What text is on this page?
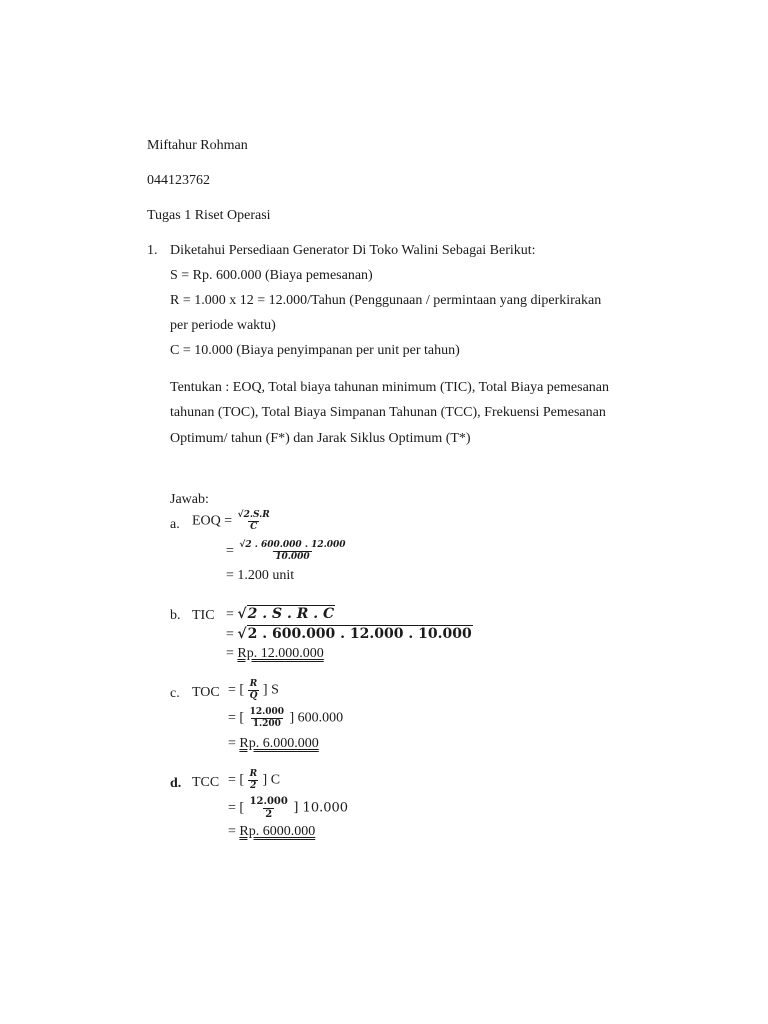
Miftahur Rohman
044123762
Tugas 1 Riset Operasi
1. Diketahui Persediaan Generator Di Toko Walini Sebagai Berikut:
S = Rp. 600.000 (Biaya pemesanan)
R = 1.000 x 12 = 12.000/Tahun (Penggunaan / permintaan yang diperkirakan
per periode waktu)
C = 10.000 (Biaya penyimpanan per unit per tahun)
Tentukan : EOQ, Total biaya tahunan minimum (TIC), Total Biaya pemesanan
tahunan (TOC), Total Biaya Simpanan Tahunan (TCC), Frekuensi Pemesanan
Optimum/ tahun (F*) dan Jarak Siklus Optimum (T*)
Jawab:
a. EOQ = $\frac{√2.S.R}{C}$
= $\frac{√2 . 600.000 . 12.000}{10.000}$
= 1.200 unit
b. TIC = √2 . S . R . C
= √2 . 600.000 . 12.000 . 10.000
= Rp. 12.000.000
c. TOC = [ $\frac{R}{Q}$ ] S
= [ $\frac{12.000}{1.200}$ ] 600.000
= Rp. 6.000.000
d. TCC = [ $\frac{R}{2}$ ] C
= [ $\frac{12.000}{2}$ ] 10.000
= Rp. 6000.000
